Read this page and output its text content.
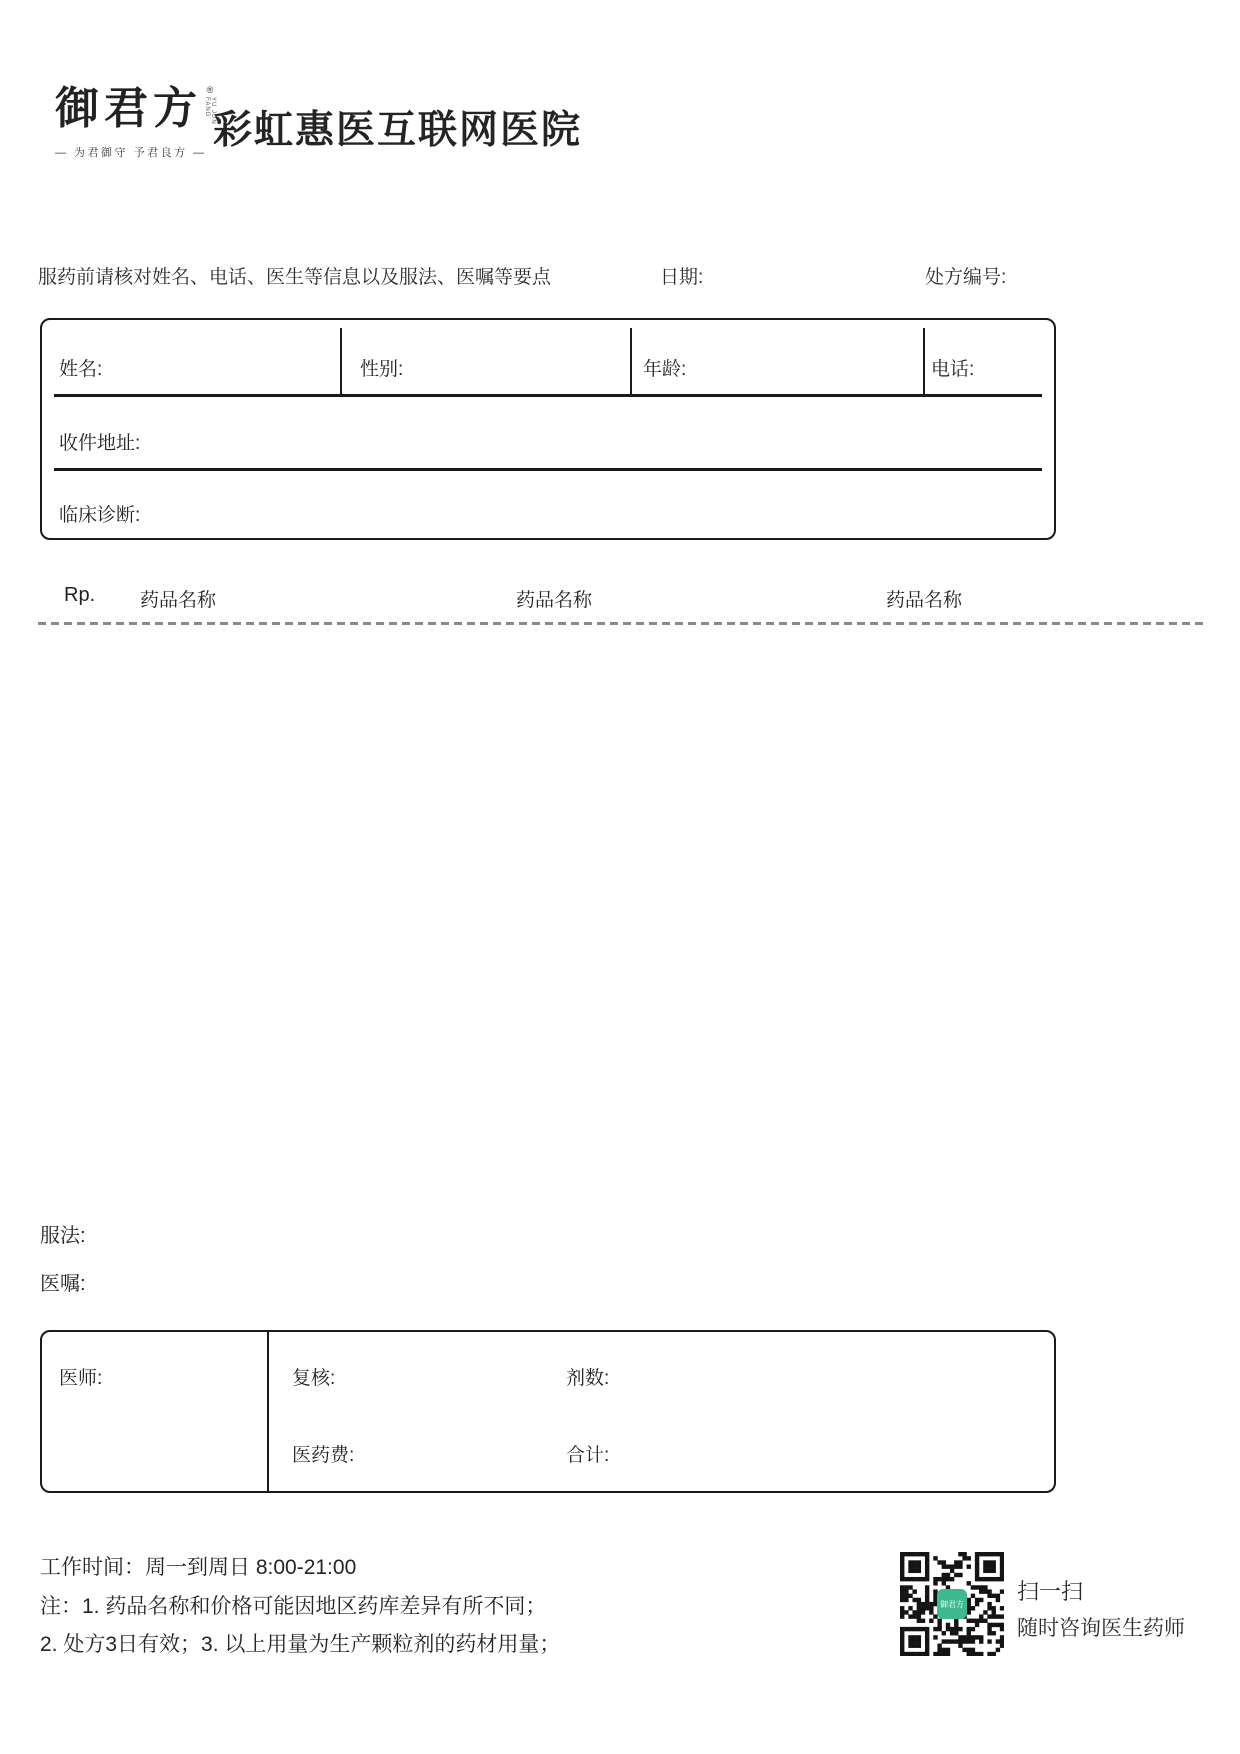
御君方 ®
YU JUN FANG
— 为君御守 予君良方 —
彩虹惠医互联网医院
服药前请核对姓名、电话、医生等信息以及服法、医嘱等要点	日期:	处方编号:
姓名:	性别:	年龄:	电话:
收件地址:
临床诊断:
Rp. 药品名称	药品名称	药品名称
服法:
医嘱:
医师:	复核:	剂数:
医药费:	合计:
工作时间：周一到周日 8:00-21:00
注：1. 药品名称和价格可能因地区药库差异有所不同；
2. 处方3日有效；3. 以上用量为生产颗粒剂的药材用量；
御君方 扫一扫
随时咨询医生药师
